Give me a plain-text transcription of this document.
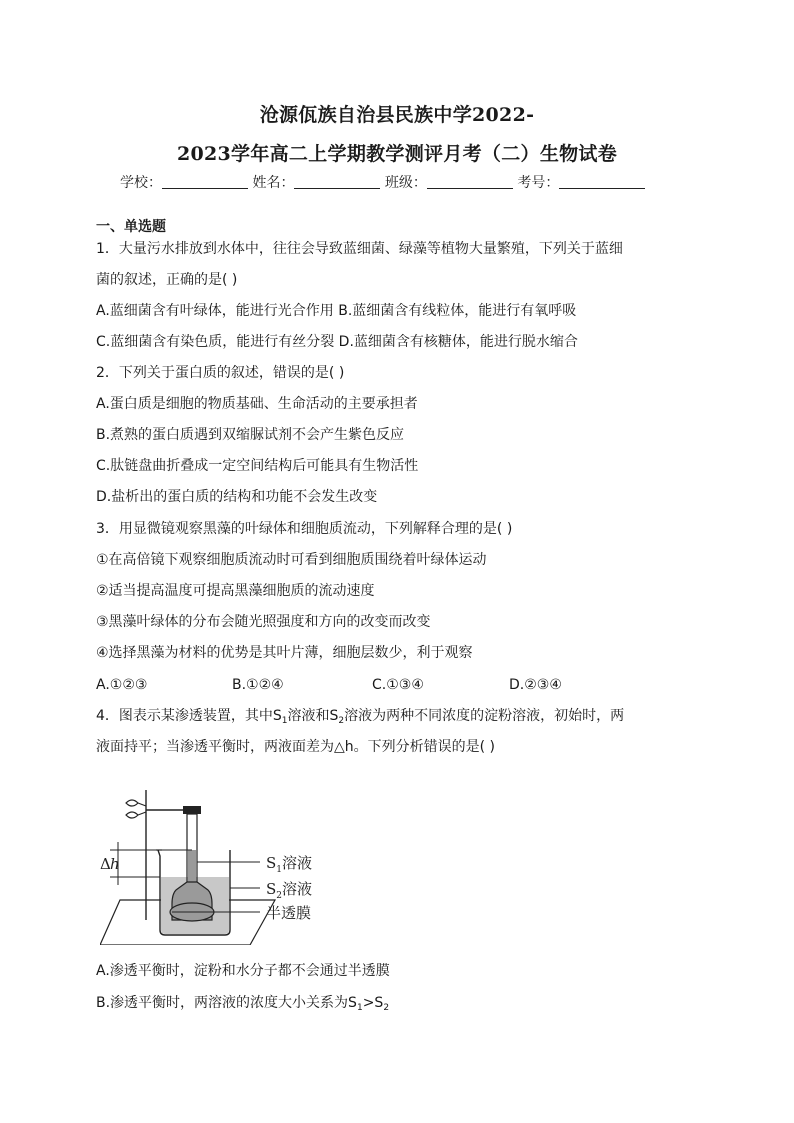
沧源佤族自治县民族中学2022-
2023学年高二上学期教学测评月考（二）生物试卷
学校：	姓名：	班级：	考号：
一、单选题
1．大量污水排放到水体中，往往会导致蓝细菌、绿藻等植物大量繁殖，下列关于蓝细
菌的叙述，正确的是( )
A.蓝细菌含有叶绿体，能进行光合作用 B.蓝细菌含有线粒体，能进行有氧呼吸
C.蓝细菌含有染色质，能进行有丝分裂 D.蓝细菌含有核糖体，能进行脱水缩合
2．下列关于蛋白质的叙述，错误的是( )
A.蛋白质是细胞的物质基础、生命活动的主要承担者
B.煮熟的蛋白质遇到双缩脲试剂不会产生紫色反应
C.肽链盘曲折叠成一定空间结构后可能具有生物活性
D.盐析出的蛋白质的结构和功能不会发生改变
3．用显微镜观察黑藻的叶绿体和细胞质流动，下列解释合理的是( )
①在高倍镜下观察细胞质流动时可看到细胞质围绕着叶绿体运动
②适当提高温度可提高黑藻细胞质的流动速度
③黑藻叶绿体的分布会随光照强度和方向的改变而改变
④选择黑藻为材料的优势是其叶片薄，细胞层数少，利于观察
A.①②③	B.①②④	C.①③④	D.②③④
4．图表示某渗透装置，其中$S_1$溶液和$S_2$溶液为两种不同浓度的淀粉溶液，初始时，两
液面持平；当渗透平衡时，两液面差为△h。下列分析错误的是( )
Δ h	$S_1$溶液
$S_2$溶液
半透膜
A.渗透平衡时，淀粉和水分子都不会通过半透膜
B.渗透平衡时，两溶液的浓度大小关系为$S_1>S_2$
